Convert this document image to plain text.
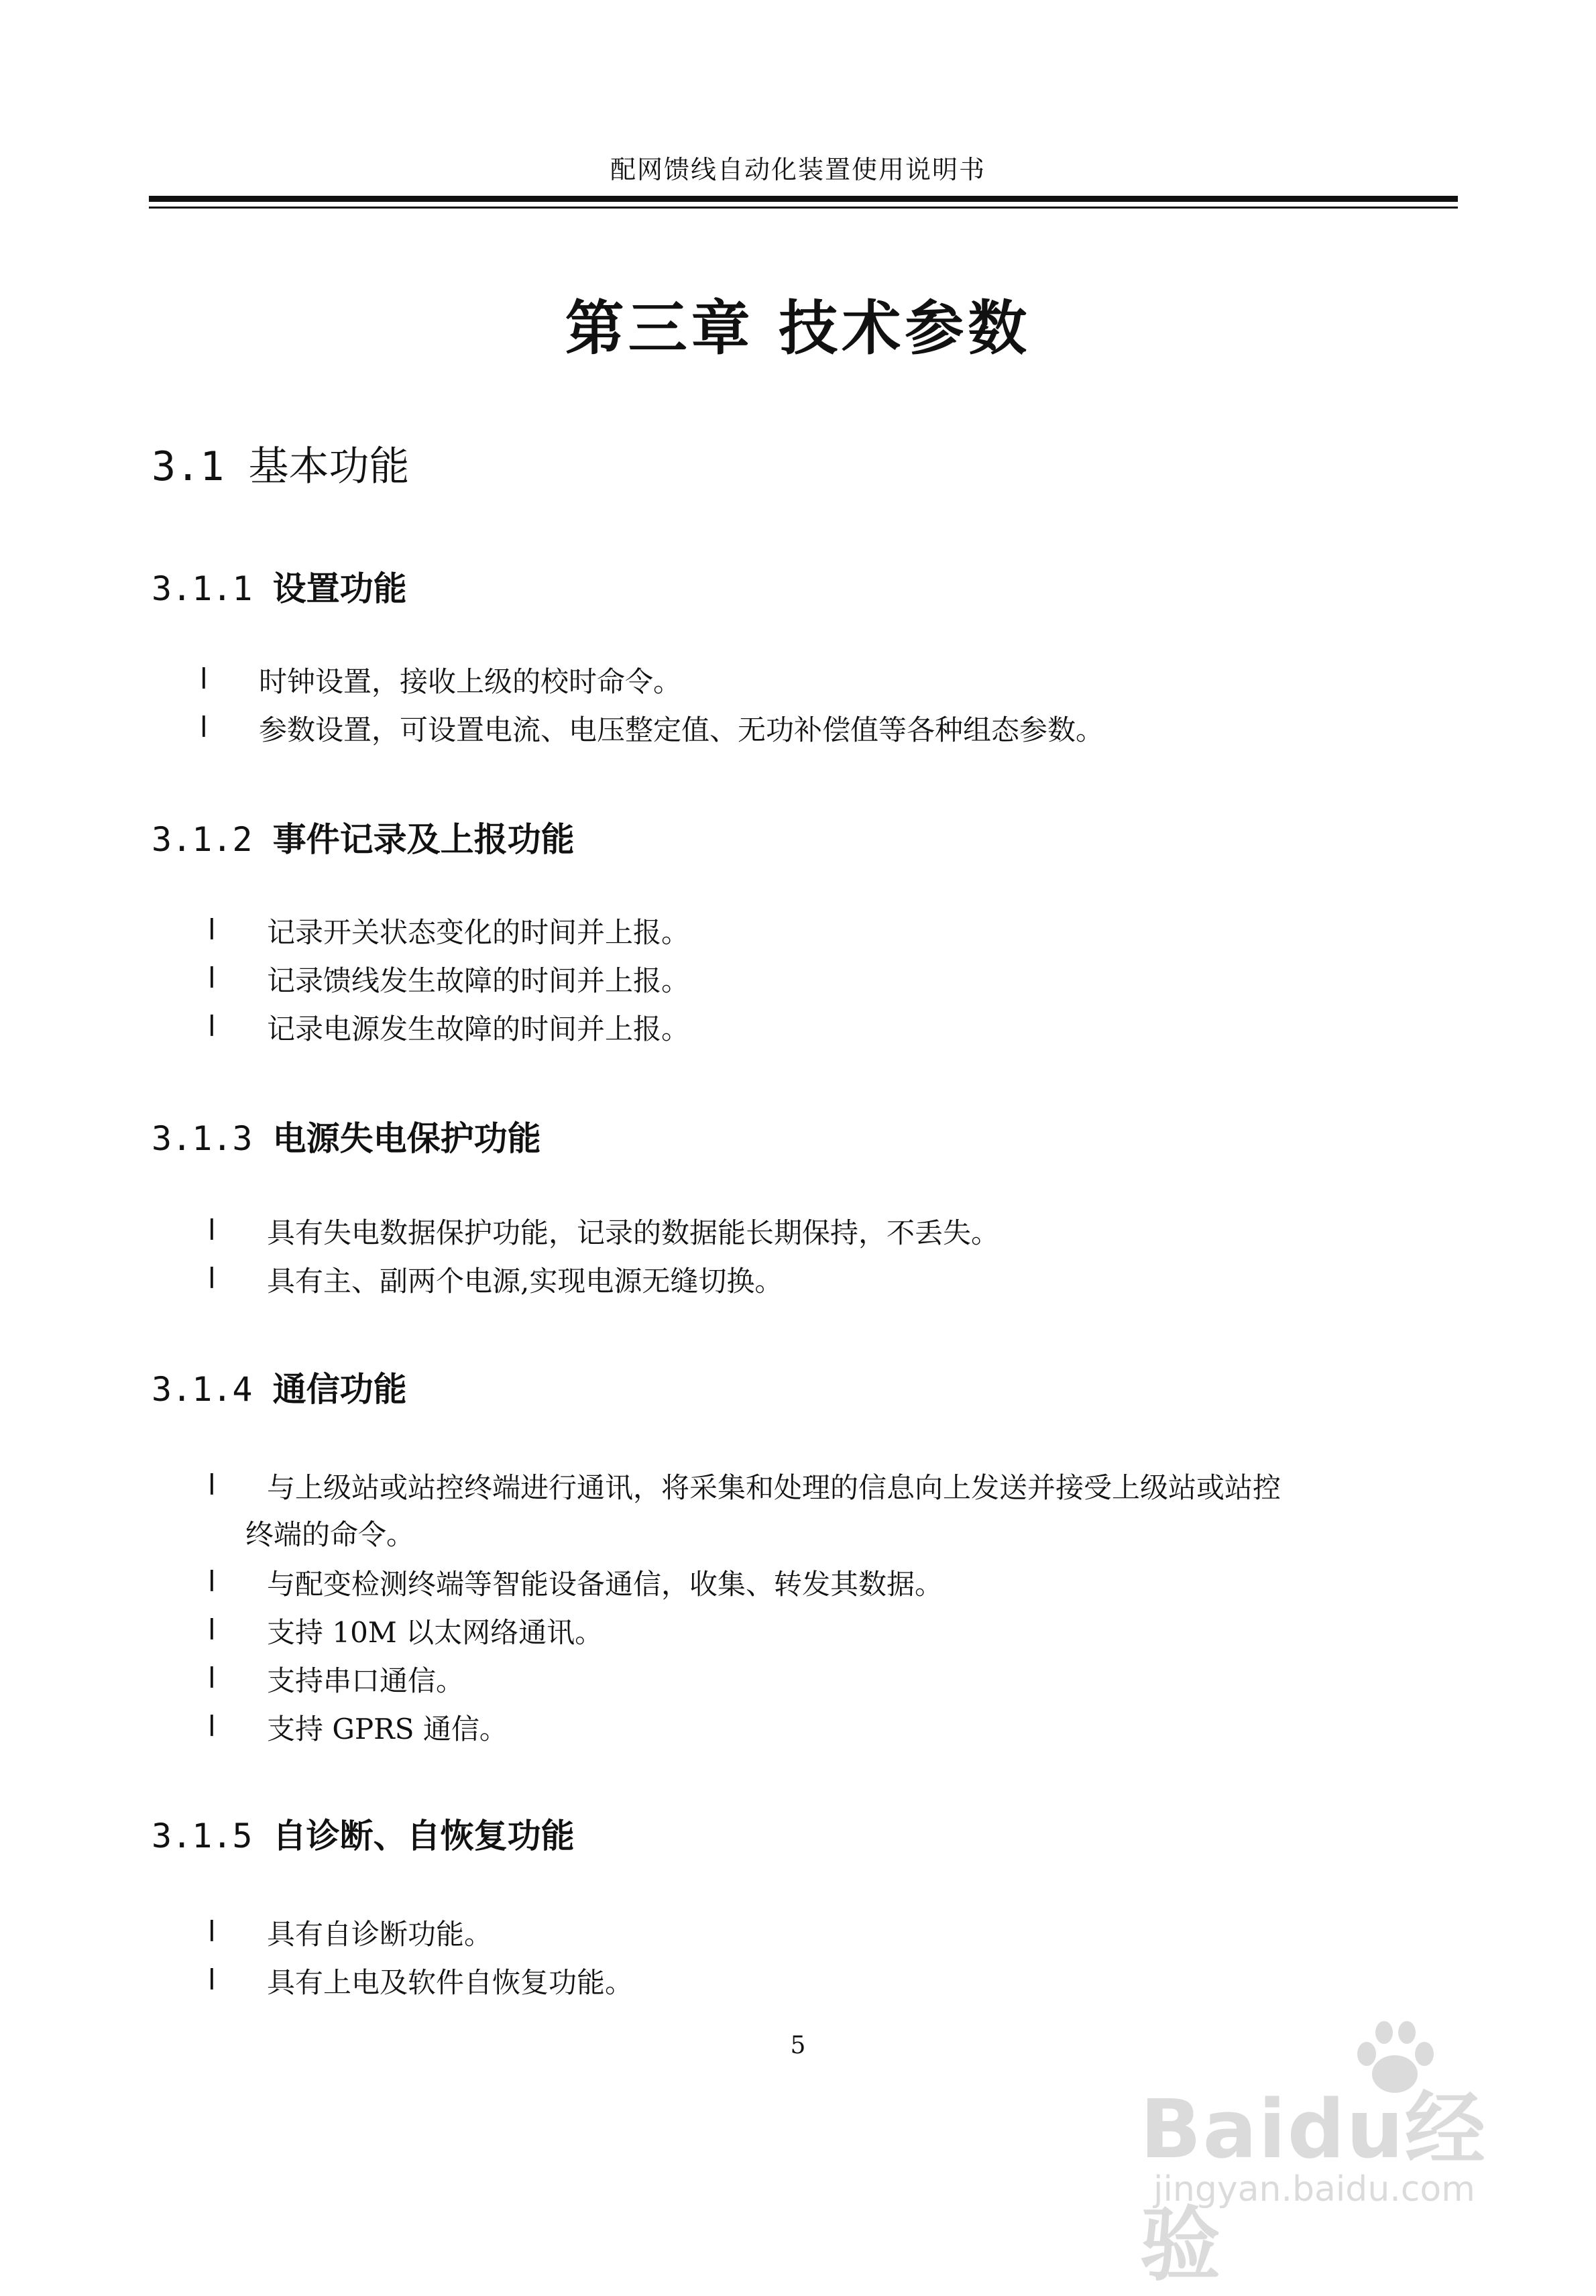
配网馈线自动化装置使用说明书
第三章 技术参数
3.1 基本功能
3.1.1 设置功能
l 时钟设置，接收上级的校时命令。
l 参数设置，可设置电流、电压整定值、无功补偿值等各种组态参数。
3.1.2 事件记录及上报功能
l 记录开关状态变化的时间并上报。
l 记录馈线发生故障的时间并上报。
l 记录电源发生故障的时间并上报。
3.1.3 电源失电保护功能
l 具有失电数据保护功能，记录的数据能长期保持，不丢失。
l 具有主、副两个电源,实现电源无缝切换。
3.1.4 通信功能
l 与上级站或站控终端进行通讯，将采集和处理的信息向上发送并接受上级站或站控
终端的命令。
l 与配变检测终端等智能设备通信，收集、转发其数据。
l 支持 10M 以太网络通讯。
l 支持串口通信。
l 支持 GPRS 通信。
3.1.5 自诊断、自恢复功能
l 具有自诊断功能。
l 具有上电及软件自恢复功能。
5
Baidu经验
jingyan.baidu.com
